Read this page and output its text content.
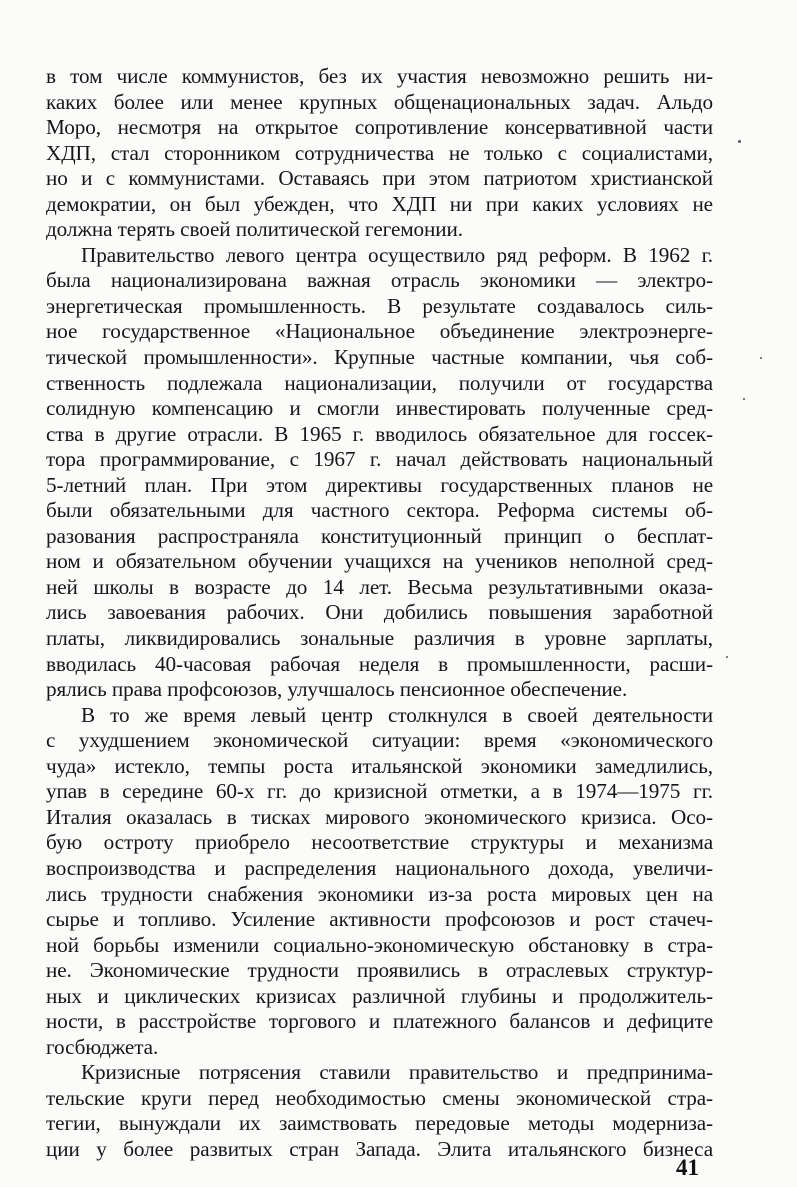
в том числе коммунистов, без их участия невозможно решить ни-
каких более или менее крупных общенациональных задач. Альдо
Моро, несмотря на открытое сопротивление консервативной части
ХДП, стал сторонником сотрудничества не только с социалистами,
но и с коммунистами. Оставаясь при этом патриотом христианской
демократии, он был убежден, что ХДП ни при каких условиях не
должна терять своей политической гегемонии.
Правительство левого центра осуществило ряд реформ. В 1962 г.
была национализирована важная отрасль экономики — электро-
энергетическая промышленность. В результате создавалось силь-
ное государственное «Национальное объединение электроэнерге-
тической промышленности». Крупные частные компании, чья соб-
ственность подлежала национализации, получили от государства
солидную компенсацию и смогли инвестировать полученные сред-
ства в другие отрасли. В 1965 г. вводилось обязательное для госсек-
тора программирование, с 1967 г. начал действовать национальный
5-летний план. При этом директивы государственных планов не
были обязательными для частного сектора. Реформа системы об-
разования распространяла конституционный принцип о бесплат-
ном и обязательном обучении учащихся на учеников неполной сред-
ней школы в возрасте до 14 лет. Весьма результативными оказа-
лись завоевания рабочих. Они добились повышения заработной
платы, ликвидировались зональные различия в уровне зарплаты,
вводилась 40-часовая рабочая неделя в промышленности, расши-
рялись права профсоюзов, улучшалось пенсионное обеспечение.
В то же время левый центр столкнулся в своей деятельности
с ухудшением экономической ситуации: время «экономического
чуда» истекло, темпы роста итальянской экономики замедлились,
упав в середине 60-х гг. до кризисной отметки, а в 1974—1975 гг.
Италия оказалась в тисках мирового экономического кризиса. Осо-
бую остроту приобрело несоответствие структуры и механизма
воспроизводства и распределения национального дохода, увеличи-
лись трудности снабжения экономики из-за роста мировых цен на
сырье и топливо. Усиление активности профсоюзов и рост стачеч-
ной борьбы изменили социально-экономическую обстановку в стра-
не. Экономические трудности проявились в отраслевых структур-
ных и циклических кризисах различной глубины и продолжитель-
ности, в расстройстве торгового и платежного балансов и дефиците
госбюджета.
Кризисные потрясения ставили правительство и предпринима-
тельские круги перед необходимостью смены экономической стра-
тегии, вынуждали их заимствовать передовые методы модерниза-
ции у более развитых стран Запада. Элита итальянского бизнеса
41
